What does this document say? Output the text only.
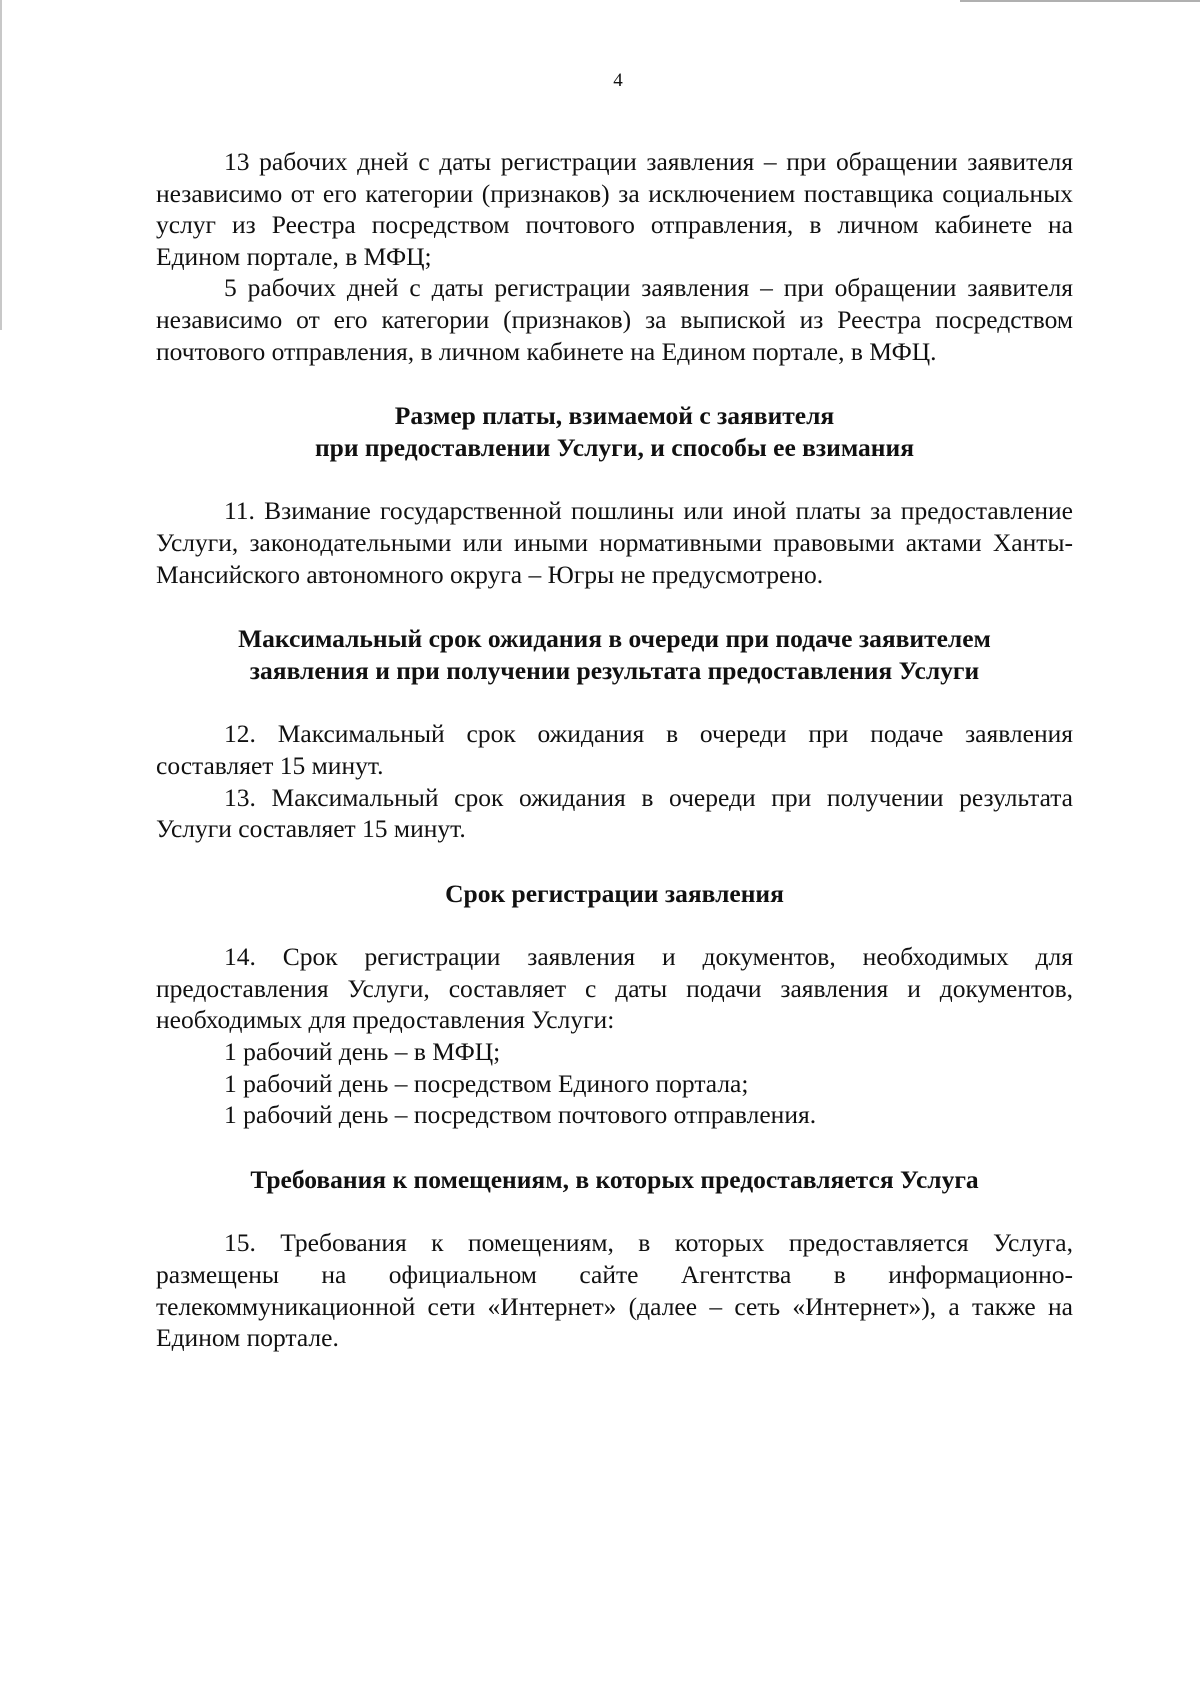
4

13 рабочих дней с даты регистрации заявления – при обращении заявителя независимо от его категории (признаков) за исключением поставщика социальных услуг из Реестра посредством почтового отправления, в личном кабинете на Едином портале, в МФЦ;

5 рабочих дней с даты регистрации заявления – при обращении заявителя независимо от его категории (признаков) за выпиской из Реестра посредством почтового отправления, в личном кабинете на Едином портале, в МФЦ.

Размер платы, взимаемой с заявителя

при предоставлении Услуги, и способы ее взимания

11. Взимание государственной пошлины или иной платы за предоставление Услуги, законодательными или иными нормативными правовыми актами Ханты-Мансийского автономного округа – Югры не предусмотрено.

Максимальный срок ожидания в очереди при подаче заявителем

заявления и при получении результата предоставления Услуги

12. Максимальный срок ожидания в очереди при подаче заявления составляет 15 минут.

13. Максимальный срок ожидания в очереди при получении результата Услуги составляет 15 минут.

Срок регистрации заявления

14. Срок регистрации заявления и документов, необходимых для предоставления Услуги, составляет с даты подачи заявления и документов, необходимых для предоставления Услуги:

1 рабочий день – в МФЦ;

1 рабочий день – посредством Единого портала;

1 рабочий день – посредством почтового отправления.

Требования к помещениям, в которых предоставляется Услуга

15. Требования к помещениям, в которых предоставляется Услуга, размещены на официальном сайте Агентства в информационно-телекоммуникационной сети «Интернет» (далее – сеть «Интернет»), а также на Едином портале.
